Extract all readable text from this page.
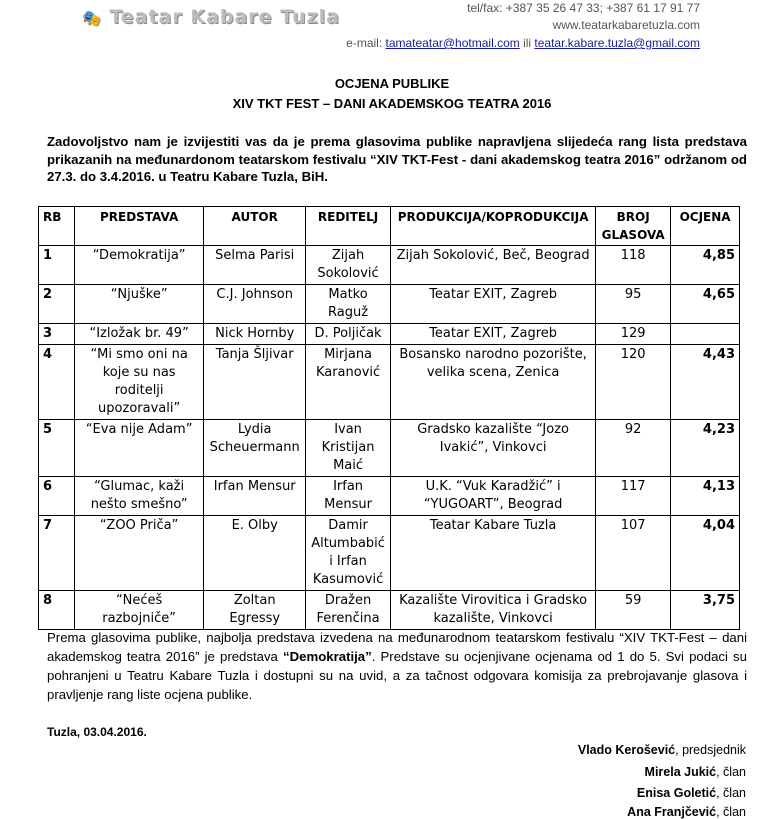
🎭 Teatar Kabare Tuzla	tel/fax: +387 35 26 47 33; +387 61 17 91 77
www.teatarkabaretuzla.com
e-mail: tamateatar@hotmail.com ili teatar.kabare.tuzla@gmail.com
OCJENA PUBLIKE
XIV TKT FEST – DANI AKADEMSKOG TEATRA 2016
Zadovoljstvo nam je izvijestiti vas da je prema glasovima publike napravljena slijedeća rang lista predstava prikazanih na međunardonom teatarskom festivalu “XIV TKT-Fest - dani akademskog teatra 2016” održanom od 27.3. do 3.4.2016. u Teatru Kabare Tuzla, BiH.
RB	PREDSTAVA	AUTOR	REDITELJ	PRODUKCIJA/KOPRODUKCIJA	BROJ GLASOVA	OCJENA
1	“Demokratija”	Selma Parisi	Zijah Sokolović	Zijah Sokolović, Beč, Beograd	118	4,85
2	“Njuške”	C.J. Johnson	Matko Raguž	Teatar EXIT, Zagreb	95	4,65
3	“Izložak br. 49”	Nick Hornby	D. Poljičak	Teatar EXIT, Zagreb	129	
4	“Mi smo oni na koje su nas roditelji upozoravali”	Tanja Šljivar	Mirjana Karanović	Bosansko narodno pozorište, velika scena, Zenica	120	4,43
5	“Eva nije Adam”	Lydia Scheuermann	Ivan Kristijan Maić	Gradsko kazalište “Jozo Ivakić”, Vinkovci	92	4,23
6	“Glumac, kaži nešto smešno”	Irfan Mensur	Irfan Mensur	U.K. “Vuk Karadžić” i “YUGOART”, Beograd	117	4,13
7	“ZOO Priča”	E. Olby	Damir Altumbabić i Irfan Kasumović	Teatar Kabare Tuzla	107	4,04
8	“Nećeš razbojniče”	Zoltan Egressy	Dražen Ferenčina	Kazalište Virovitica i Gradsko kazalište, Vinkovci	59	3,75
Prema glasovima publike, najbolja predstava izvedena na međunarodnom teatarskom festivalu “XIV TKT-Fest – dani akademskog teatra 2016” je predstava “Demokratija”. Predstave su ocjenjivane ocjenama od 1 do 5. Svi podaci su pohranjeni u Teatru Kabare Tuzla i dostupni su na uvid, a za tačnost odgovara komisija za prebrojavanje glasova i pravljenje rang liste ocjena publike.
Tuzla, 03.04.2016.
Vlado Kerošević, predsjednik
Mirela Jukić, član
Enisa Goletić, član
Ana Franjčević, član
